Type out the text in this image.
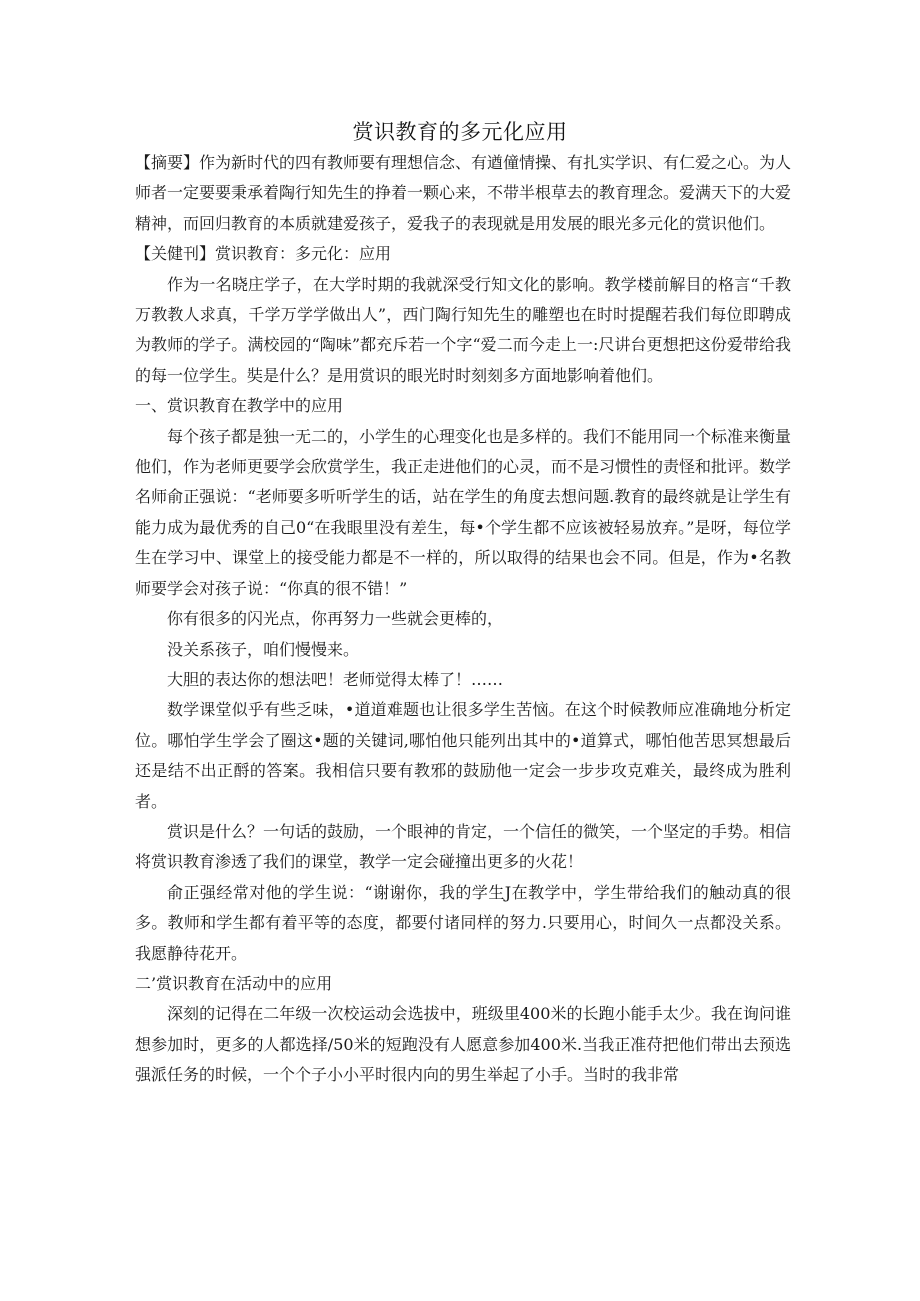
赏识教育的多元化应用

【摘要】作为新时代的四有教师要有理想信念、有遒僮情操、有扎实学识、有仁爱之心。为人师者一定要要秉承着陶行知先生的挣着一颗心来，不带半根草去的教育理念。爱满天下的大爱精神，而回归教育的本质就建爱孩子，爱我子的表现就是用发展的眼光多元化的赏识他们。

【关健刊】赏识教育：多元化：应用

作为一名晓庄学子，在大学时期的我就深受行知文化的影响。教学楼前解目的格言“千教万教教人求真，千学万学学做出人”，西门陶行知先生的雕塑也在时时提醒若我们每位即聘成为教师的学子。满校园的“陶味”都充斥若一个字“爱二而今走上一:尺讲台更想把这份爱带给我的每一位学生。奘是什么？是用赏识的眼光时时刻刻多方面地影响着他们。

一、赏识教育在教学中的应用

每个孩子都是独一无二的，小学生的心理变化也是多样的。我们不能用同一个标准来衡量他们，作为老师更要学会欣赏学生，我正走进他们的心灵，而不是习惯性的责怪和批评。数学名师俞正强说：“老师要多听听学生的话，站在学生的角度去想问题.教育的最终就是让学生有能力成为最优秀的自己0“在我眼里没有差生，每•个学生都不应该被轻易放弃。”是呀，每位学生在学习中、课堂上的接受能力都是不一样的，所以取得的结果也会不同。但是，作为•名教师要学会对孩子说：“你真的很不错！”

你有很多的闪光点，你再努力一些就会更棒的，

没关系孩子，咱们慢慢来。

大胆的表达你的想法吧！老师觉得太棒了！……

数学课堂似乎有些乏味，•道道难题也让很多学生苦恼。在这个时候教师应准确地分析定位。哪怕学生学会了圈这•题的关键词,哪怕他只能列出其中的•道算式，哪怕他苦思冥想最后还是结不出正酹的答案。我相信只要有教邪的鼓励他一定会一步步攻克难关，最终成为胜利者。

赏识是什么？一句话的鼓励，一个眼神的肯定，一个信任的微笑，一个坚定的手势。相信将赏识教育渗透了我们的课堂，教学一定会碰撞出更多的火花！

俞正强经常对他的学生说：“谢谢你，我的学生J在教学中，学生带给我们的触动真的很多。教师和学生都有着平等的态度，都要付诸同样的努力.只要用心，时间久一点都没关系。我愿静待花开。

二’赏识教育在活动中的应用

深刻的记得在二年级一次校运动会选拔中，班级里400米的长跑小能手太少。我在询问谁想参加时，更多的人都选择/50米的短跑没有人愿意参加400米.当我正准苻把他们带出去预选强派任务的时候，一个个子小小平时很内向的男生举起了小手。当时的我非常
